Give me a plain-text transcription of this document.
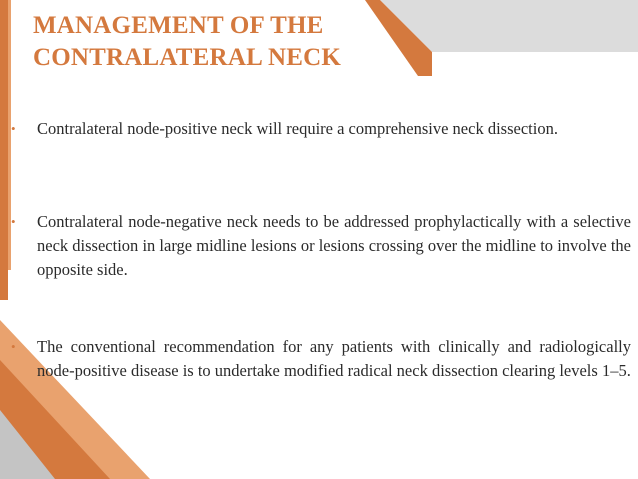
MANAGEMENT OF THE
CONTRALATERAL NECK
• Contralateral node-positive neck will require a comprehensive neck dissection.
• Contralateral node-negative neck needs to be addressed prophylactically with a selective neck dissection in large midline lesions or lesions crossing over the midline to involve the opposite side.
• The conventional recommendation for any patients with clinically and radiologically node-positive disease is to undertake modified radical neck dissection clearing levels 1–5.
